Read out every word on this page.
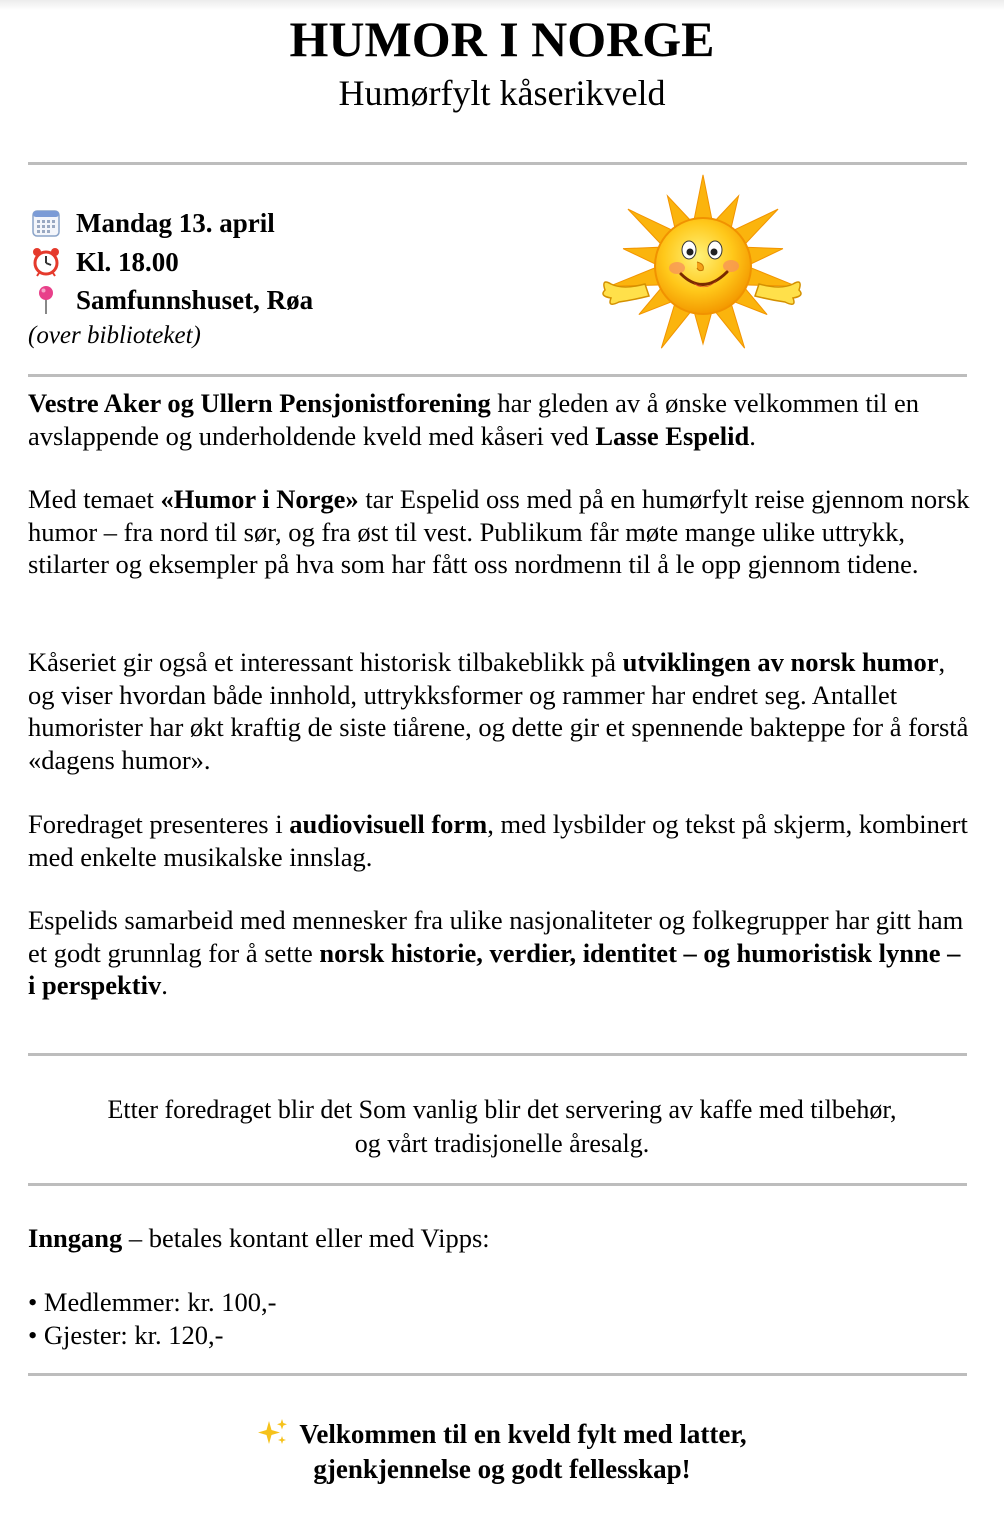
HUMOR I NORGE
Humørfylt kåserikveld
Mandag 13. april
Kl. 18.00
Samfunnshuset, Røa
(over biblioteket)

Vestre Aker og Ullern Pensjonistforening har gleden av å ønske velkommen til en avslappende og underholdende kveld med kåseri ved Lasse Espelid.

Med temaet «Humor i Norge» tar Espelid oss med på en humørfylt reise gjennom norsk humor – fra nord til sør, og fra øst til vest. Publikum får møte mange ulike uttrykk, stilarter og eksempler på hva som har fått oss nordmenn til å le opp gjennom tidene.

Kåseriet gir også et interessant historisk tilbakeblikk på utviklingen av norsk humor, og viser hvordan både innhold, uttrykksformer og rammer har endret seg. Antallet humorister har økt kraftig de siste tiårene, og dette gir et spennende bakteppe for å forstå «dagens humor».

Foredraget presenteres i audiovisuell form, med lysbilder og tekst på skjerm, kombinert med enkelte musikalske innslag.

Espelids samarbeid med mennesker fra ulike nasjonaliteter og folkegrupper har gitt ham et godt grunnlag for å sette norsk historie, verdier, identitet – og humoristisk lynne – i perspektiv.

Etter foredraget blir det Som vanlig blir det servering av kaffe med tilbehør,
og vårt tradisjonelle åresalg.
Inngang – betales kontant eller med Vipps:
• Medlemmer: kr. 100,-
• Gjester: kr. 120,-
Velkommen til en kveld fylt med latter,
gjenkjennelse og godt fellesskap!
